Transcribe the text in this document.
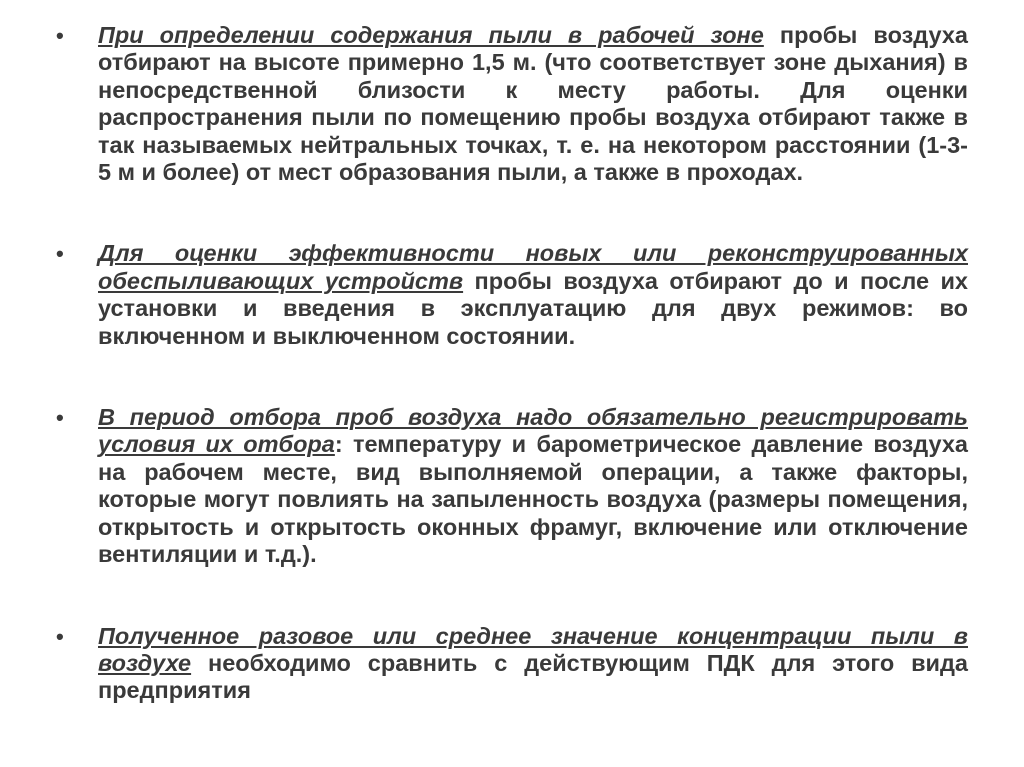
• При определении содержания пыли в рабочей зоне пробы воздуха отбирают на высоте примерно 1,5 м. (что соответствует зоне дыхания) в непосредственной близости к месту работы. Для оценки распространения пыли по помещению пробы воздуха отбирают также в так называемых нейтральных точках, т. е. на некотором расстоянии (1-3-5 м и более) от мест образования пыли, а также в проходах.
• Для оценки эффективности новых или реконструированных обеспыливающих устройств пробы воздуха отбирают до и после их установки и введения в эксплуатацию для двух режимов: во включенном и выключенном состоянии.
• В период отбора проб воздуха надо обязательно регистрировать условия их отбора: температуру и барометрическое давление воздуха на рабочем месте, вид выполняемой операции, а также факторы, которые могут повлиять на запыленность воздуха (размеры помещения, открытость и открытость оконных фрамуг, включение или отключение вентиляции и т.д.).
• Полученное разовое или среднее значение концентрации пыли в воздухе необходимо сравнить с действующим ПДК для этого вида предприятия
